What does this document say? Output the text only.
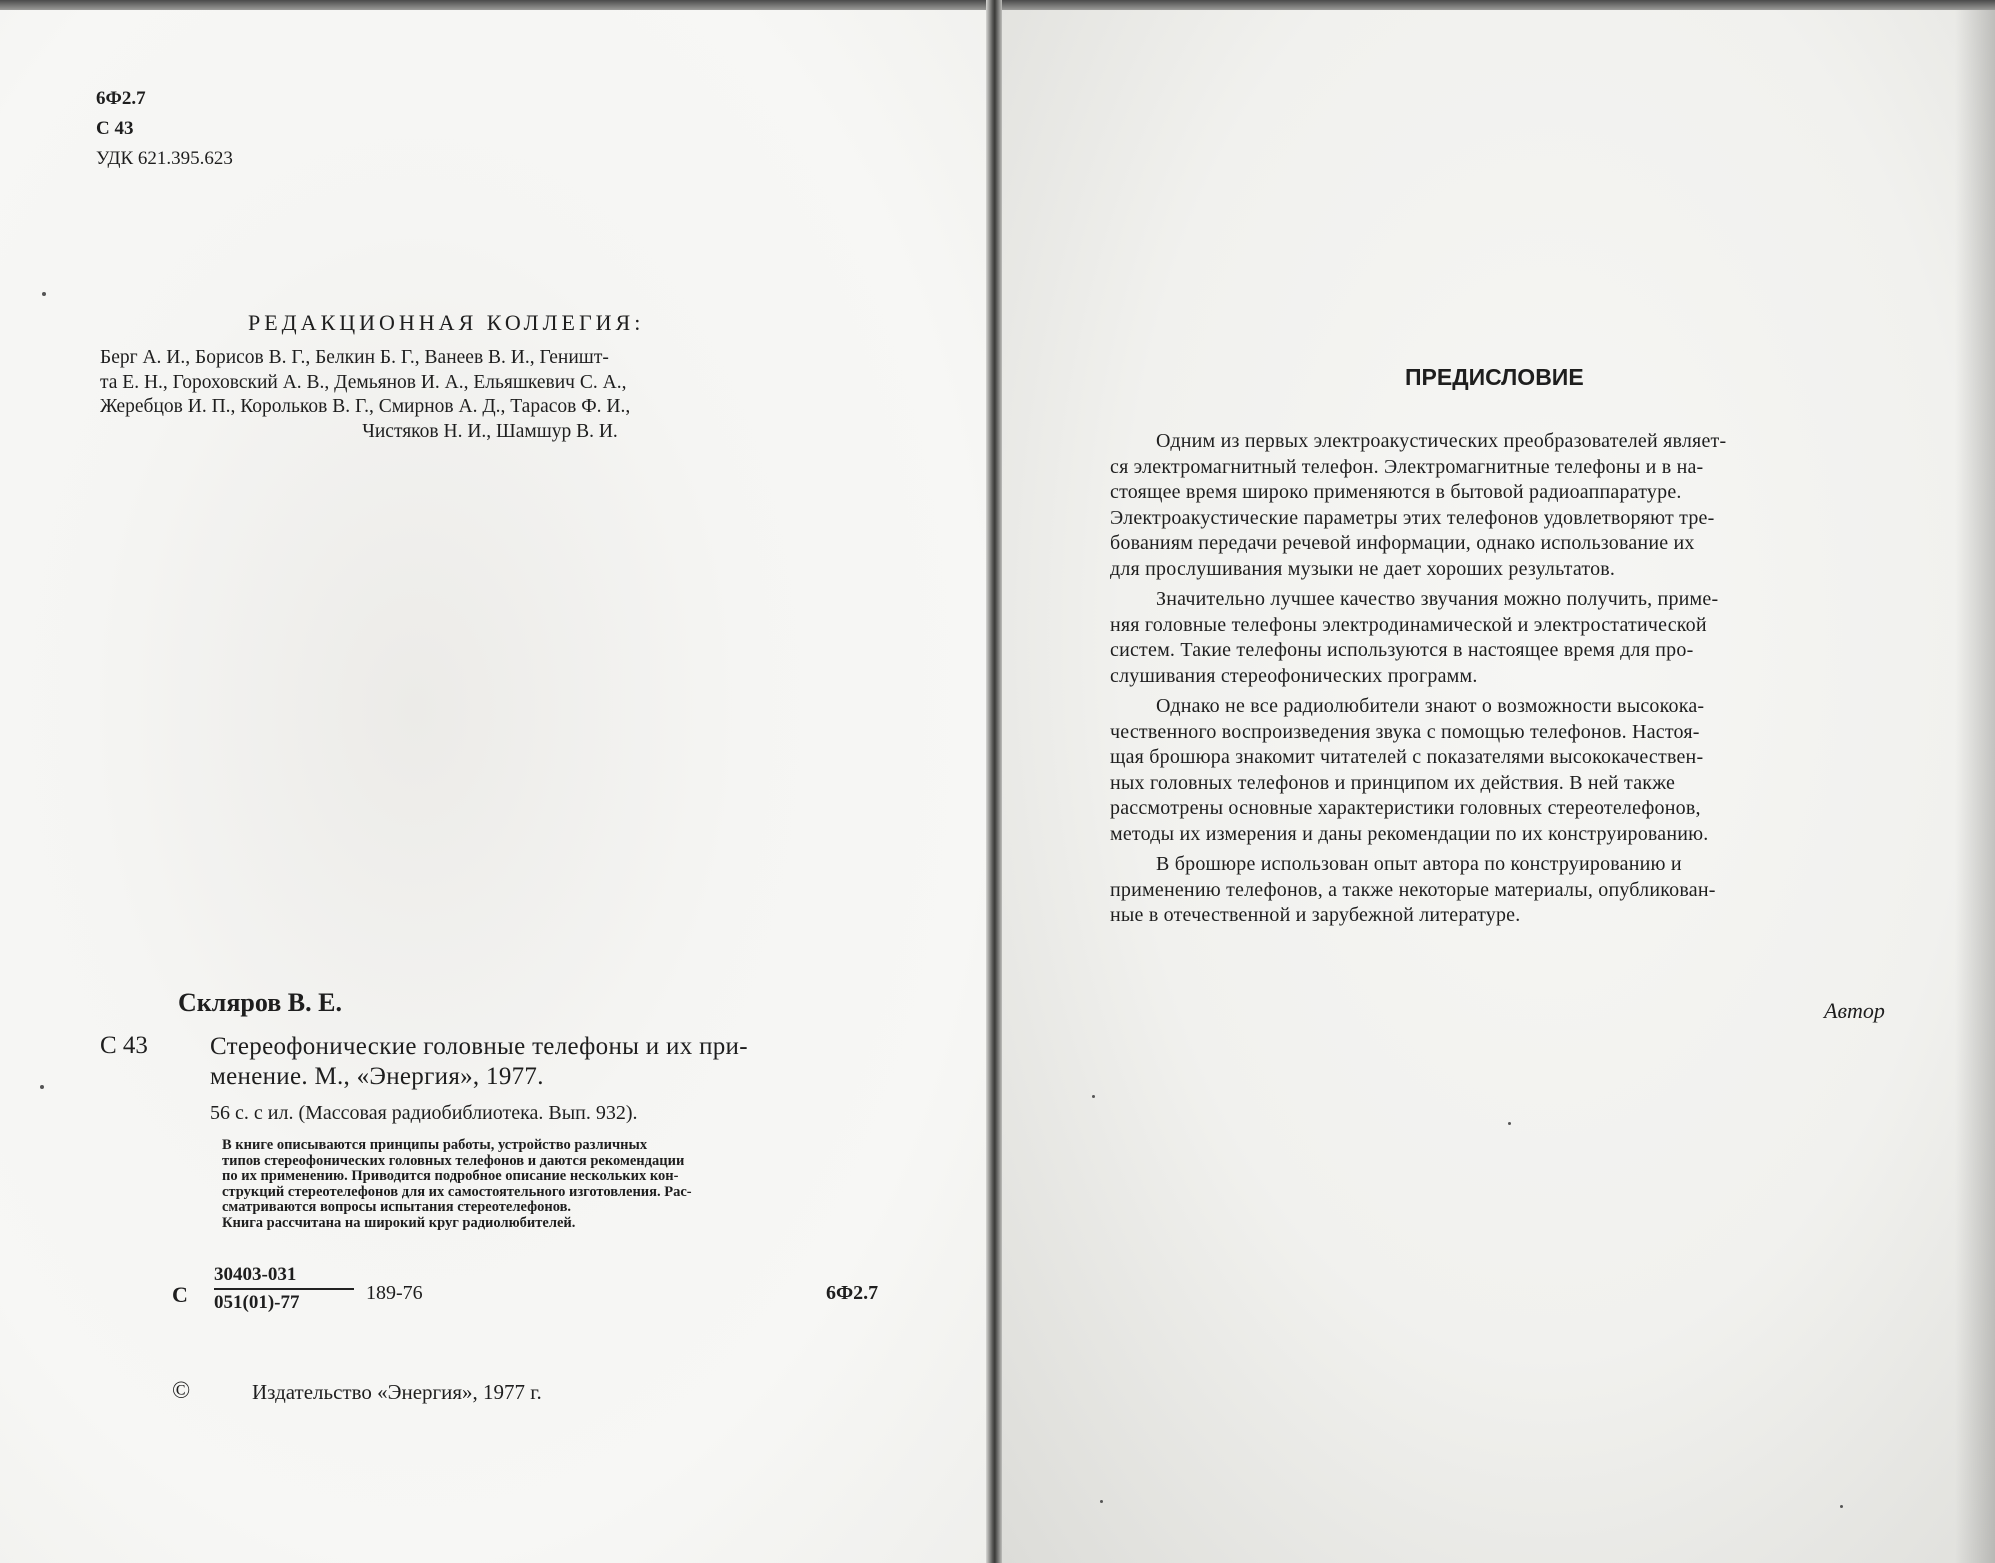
6Ф2.7
С 43
УДК 621.395.623
РЕДАКЦИОННАЯ КОЛЛЕГИЯ:
Берг А. И., Борисов В. Г., Белкин Б. Г., Ванеев В. И., Геништ-
та Е. Н., Гороховский А. В., Демьянов И. А., Ельяшкевич С. А.,
Жеребцов И. П., Корольков В. Г., Смирнов А. Д., Тарасов Ф. И.,
Чистяков Н. И., Шамшур В. И.
Скляров В. Е.
С 43 Стереофонические головные телефоны и их при-
менение. М., «Энергия», 1977.
56 с. с ил. (Массовая радиобиблиотека. Вып. 932).
В книге описываются принципы работы, устройство различных
типов стереофонических головных телефонов и даются рекомендации
по их применению. Приводится подробное описание нескольких кон-
струкций стереотелефонов для их самостоятельного изготовления. Рас-
сматриваются вопросы испытания стереотелефонов.
Книга рассчитана на широкий круг радиолюбителей.
С $\frac{30403-031}{051(01)-77} 189-76$	6Ф2.7
©	Издательство «Энергия», 1977 г.
ПРЕДИСЛОВИЕ
Одним из первых электроакустических преобразователей являет-
ся электромагнитный телефон. Электромагнитные телефоны и в на-
стоящее время широко применяются в бытовой радиоаппаратуре.
Электроакустические параметры этих телефонов удовлетворяют тре-
бованиям передачи речевой информации, однако использование их
для прослушивания музыки не дает хороших результатов.
Значительно лучшее качество звучания можно получить, приме-
няя головные телефоны электродинамической и электростатической
систем. Такие телефоны используются в настоящее время для про-
слушивания стереофонических программ.
Однако не все радиолюбители знают о возможности высокока-
чественного воспроизведения звука с помощью телефонов. Настоя-
щая брошюра знакомит читателей с показателями высококачествен-
ных головных телефонов и принципом их действия. В ней также
рассмотрены основные характеристики головных стереотелефонов,
методы их измерения и даны рекомендации по их конструированию.
В брошюре использован опыт автора по конструированию и
применению телефонов, а также некоторые материалы, опубликован-
ные в отечественной и зарубежной литературе.
Автор
